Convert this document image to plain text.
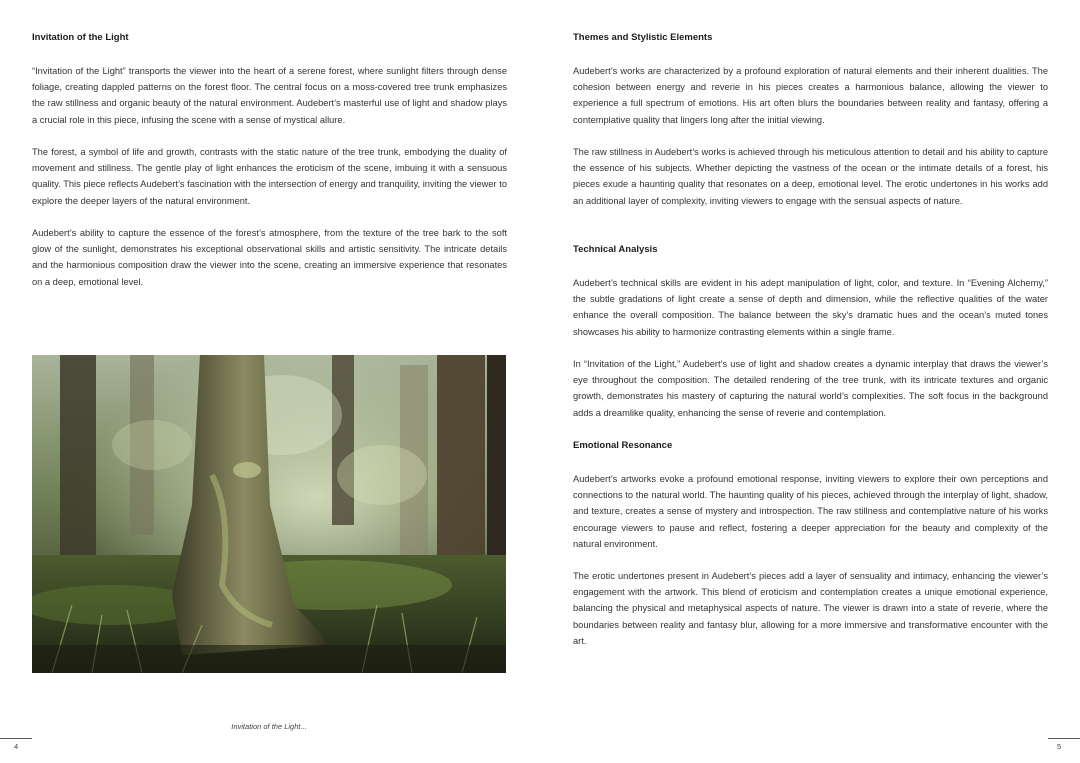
Invitation of the Light

“Invitation of the Light” transports the viewer into the heart of a serene forest, where sunlight filters through dense foliage, creating dappled patterns on the forest floor. The central focus on a moss-covered tree trunk emphasizes the raw stillness and organic beauty of the natural environment. Audebert’s masterful use of light and shadow plays a crucial role in this piece, infusing the scene with a sense of mystical allure.

The forest, a symbol of life and growth, contrasts with the static nature of the tree trunk, embodying the duality of movement and stillness. The gentle play of light enhances the eroticism of the scene, imbuing it with a sensuous quality. This piece reflects Audebert’s fascination with the intersection of energy and tranquility, inviting the viewer to explore the deeper layers of the natural environment.

Audebert’s ability to capture the essence of the forest’s atmosphere, from the texture of the tree bark to the soft glow of the sunlight, demonstrates his exceptional observational skills and artistic sensitivity. The intricate details and the harmonious composition draw the viewer into the scene, creating an immersive experience that resonates on a deep, emotional level.

Invitation of the Light...
4
Themes and Stylistic Elements

Audebert’s works are characterized by a profound exploration of natural elements and their inherent dualities. The cohesion between energy and reverie in his pieces creates a harmonious balance, allowing the viewer to experience a full spectrum of emotions. His art often blurs the boundaries between reality and fantasy, offering a contemplative quality that lingers long after the initial viewing.

The raw stillness in Audebert’s works is achieved through his meticulous attention to detail and his ability to capture the essence of his subjects. Whether depicting the vastness of the ocean or the intimate details of a forest, his pieces exude a haunting quality that resonates on a deep, emotional level. The erotic undertones in his works add an additional layer of complexity, inviting viewers to engage with the sensual aspects of nature.

Technical Analysis

Audebert’s technical skills are evident in his adept manipulation of light, color, and texture. In “Evening Alchemy,” the subtle gradations of light create a sense of depth and dimension, while the reflective qualities of the water enhance the overall composition. The balance between the sky’s dramatic hues and the ocean’s muted tones showcases his ability to harmonize contrasting elements within a single frame.

In “Invitation of the Light,” Audebert’s use of light and shadow creates a dynamic interplay that draws the viewer’s eye throughout the composition. The detailed rendering of the tree trunk, with its intricate textures and organic growth, demonstrates his mastery of capturing the natural world’s complexities. The soft focus in the background adds a dreamlike quality, enhancing the sense of reverie and contemplation.

Emotional Resonance

Audebert’s artworks evoke a profound emotional response, inviting viewers to explore their own perceptions and connections to the natural world. The haunting quality of his pieces, achieved through the interplay of light, shadow, and texture, creates a sense of mystery and introspection. The raw stillness and contemplative nature of his works encourage viewers to pause and reflect, fostering a deeper appreciation for the beauty and complexity of the natural environment.

The erotic undertones present in Audebert’s pieces add a layer of sensuality and intimacy, enhancing the viewer’s engagement with the artwork. This blend of eroticism and contemplation creates a unique emotional experience, balancing the physical and metaphysical aspects of nature. The viewer is drawn into a state of reverie, where the boundaries between reality and fantasy blur, allowing for a more immersive and transformative encounter with the art.

5
